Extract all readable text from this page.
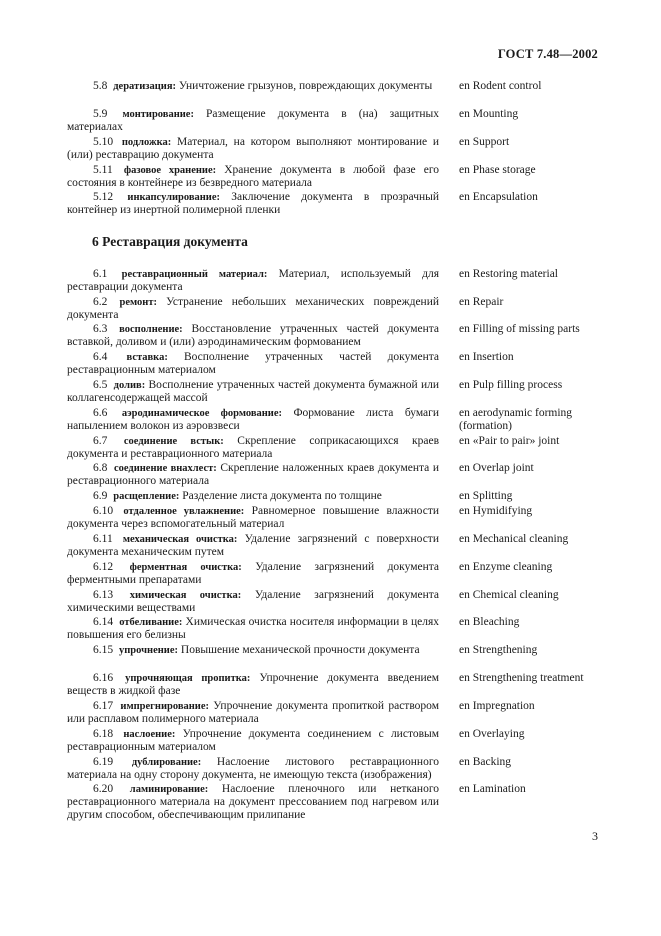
ГОСТ 7.48—2002
5.8 дератизация: Уничтожение грызунов, повреждающих документы	en Rodent control
5.9 монтирование: Размещение документа в (на) защитных материалах
en Mounting
5.10 подложка: Материал, на котором выполняют монтирование и (или) реставрацию документа
en Support
5.11 фазовое хранение: Хранение документа в любой фазе его состояния в контейнере из безвредного материала
en Phase storage
5.12 инкапсулирование: Заключение документа в прозрачный контейнер из инертной полимерной пленки
en Encapsulation
6 Реставрация документа
6.1 реставрационный материал: Материал, используемый для реставрации документа
en Restoring material
6.2 ремонт: Устранение небольших механических повреждений документа
en Repair
6.3 восполнение: Восстановление утраченных частей документа вставкой, доливом и (или) аэродинамическим формованием
en Filling of missing parts
6.4 вставка: Восполнение утраченных частей документа реставрационным материалом
en Insertion
6.5 долив: Восполнение утраченных частей документа бумажной или коллагенсодержащей массой
en Pulp filling process
6.6 аэродинамическое формование: Формование листа бумаги напылением волокон из аэровзвеси
en aerodynamic forming
(formation)
6.7 соединение встык: Скрепление соприкасающихся краев документа и реставрационного материала
en «Pair to pair» joint
6.8 соединение внахлест: Скрепление наложенных краев документа и реставрационного материала
en Overlap joint
6.9 расщепление: Разделение листа документа по толщине	en Splitting
6.10 отдаленное увлажнение: Равномерное повышение влажности документа через вспомогательный материал
en Hymidifying
6.11 механическая очистка: Удаление загрязнений с поверхности документа механическим путем
en Mechanical cleaning
6.12 ферментная очистка: Удаление загрязнений документа ферментными препаратами
en Enzyme cleaning
6.13 химическая очистка: Удаление загрязнений документа химическими веществами
en Chemical cleaning
6.14 отбеливание: Химическая очистка носителя информации в целях повышения его белизны
en Bleaching
6.15 упрочнение: Повышение механической прочности документа	en Strengthening
6.16 упрочняющая пропитка: Упрочнение документа введением веществ в жидкой фазе
en Strengthening treatment
6.17 импрегнирование: Упрочнение документа пропиткой раствором или расплавом полимерного материала
en Impregnation
6.18 наслоение: Упрочнение документа соединением с листовым реставрационным материалом
en Overlaying
6.19 дублирование: Наслоение листового реставрационного материала на одну сторону документа, не имеющую текста (изображения)
en Backing
6.20 ламинирование: Наслоение пленочного или нетканого реставрационного материала на документ прессованием под нагревом или другим способом, обеспечивающим прилипание
en Lamination
3
